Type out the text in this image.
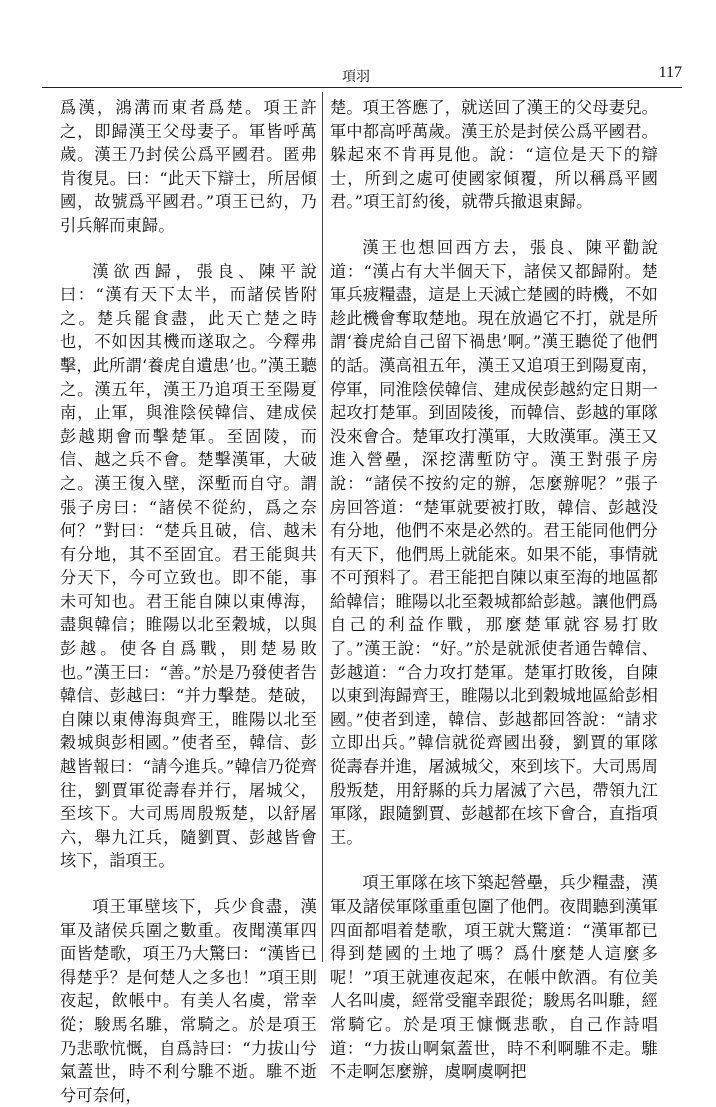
項羽	117

爲漢，鴻溝而東者爲楚。項王許之，即歸漢王父母妻子。軍皆呼萬歲。漢王乃封侯公爲平國君。匿弗肯復見。曰：“此天下辯士，所居傾國，故號爲平國君。”項王已約，乃引兵解而東歸。

漢欲西歸，張良、陳平說曰：“漢有天下太半，而諸侯皆附之。楚兵罷食盡，此天亡楚之時也，不如因其機而遂取之。今釋弗擊，此所謂‘養虎自遺患’也。”漢王聽之。漢五年，漢王乃追項王至陽夏南，止軍，與淮陰侯韓信、建成侯彭越期會而擊楚軍。至固陵，而信、越之兵不會。楚擊漢軍，大破之。漢王復入壁，深塹而自守。謂張子房曰：“諸侯不從約，爲之奈何？”對曰：“楚兵且破，信、越未有分地，其不至固宜。君王能與共分天下，今可立致也。即不能，事未可知也。君王能自陳以東傅海，盡與韓信；睢陽以北至穀城，以與彭越。使各自爲戰，則楚易敗也。”漢王曰：“善。”於是乃發使者告韓信、彭越曰：“并力擊楚。楚破，自陳以東傅海與齊王，睢陽以北至穀城與彭相國。”使者至，韓信、彭越皆報曰：“請今進兵。”韓信乃從齊往，劉賈軍從壽春并行，屠城父，至垓下。大司馬周殷叛楚，以舒屠六，舉九江兵，隨劉賈、彭越皆會垓下，詣項王。

項王軍壁垓下，兵少食盡，漢軍及諸侯兵圍之數重。夜聞漢軍四面皆楚歌，項王乃大驚曰：“漢皆已得楚乎？是何楚人之多也！”項王則夜起，飲帳中。有美人名虞，常幸從；駿馬名騅，常騎之。於是項王乃悲歌忼慨，自爲詩曰：“力拔山兮氣蓋世，時不利兮騅不逝。騅不逝兮可奈何，

楚。項王答應了，就送回了漢王的父母妻兒。軍中都高呼萬歲。漢王於是封侯公爲平國君。躲起來不肯再見他。說：“這位是天下的辯士，所到之處可使國家傾覆，所以稱爲平國君。”項王訂約後，就帶兵撤退東歸。

漢王也想回西方去，張良、陳平勸說道：“漢占有大半個天下，諸侯又都歸附。楚軍兵疲糧盡，這是上天滅亡楚國的時機，不如趁此機會奪取楚地。現在放過它不打，就是所謂‘養虎給自己留下禍患’啊。”漢王聽從了他們的話。漢高祖五年，漢王又追項王到陽夏南，停軍，同淮陰侯韓信、建成侯彭越約定日期一起攻打楚軍。到固陵後，而韓信、彭越的軍隊没來會合。楚軍攻打漢軍，大敗漢軍。漢王又進入營壘，深挖溝塹防守。漢王對張子房說：“諸侯不按約定的辦，怎麼辦呢？”張子房回答道：“楚軍就要被打敗，韓信、彭越没有分地，他們不來是必然的。君王能同他們分有天下，他們馬上就能來。如果不能，事情就不可預料了。君王能把自陳以東至海的地區都給韓信；睢陽以北至穀城都給彭越。讓他們爲自己的利益作戰，那麼楚軍就容易打敗了。”漢王說：“好。”於是就派使者通告韓信、彭越道：“合力攻打楚軍。楚軍打敗後，自陳以東到海歸齊王，睢陽以北到穀城地區給彭相國。”使者到達，韓信、彭越都回答說：“請求立即出兵。”韓信就從齊國出發，劉賈的軍隊從壽春并進，屠滅城父，來到垓下。大司馬周殷叛楚，用舒縣的兵力屠滅了六邑，帶領九江軍隊，跟隨劉賈、彭越都在垓下會合，直指項王。

項王軍隊在垓下築起營壘，兵少糧盡，漢軍及諸侯軍隊重重包圍了他們。夜間聽到漢軍四面都唱着楚歌，項王就大驚道：“漢軍都已得到楚國的土地了嗎？爲什麼楚人這麼多呢！”項王就連夜起來，在帳中飲酒。有位美人名叫虞，經常受寵幸跟從；駿馬名叫騅，經常騎它。於是項王慷慨悲歌，自己作詩唱道：“力拔山啊氣蓋世，時不利啊騅不走。騅不走啊怎麼辦，虞啊虞啊把
